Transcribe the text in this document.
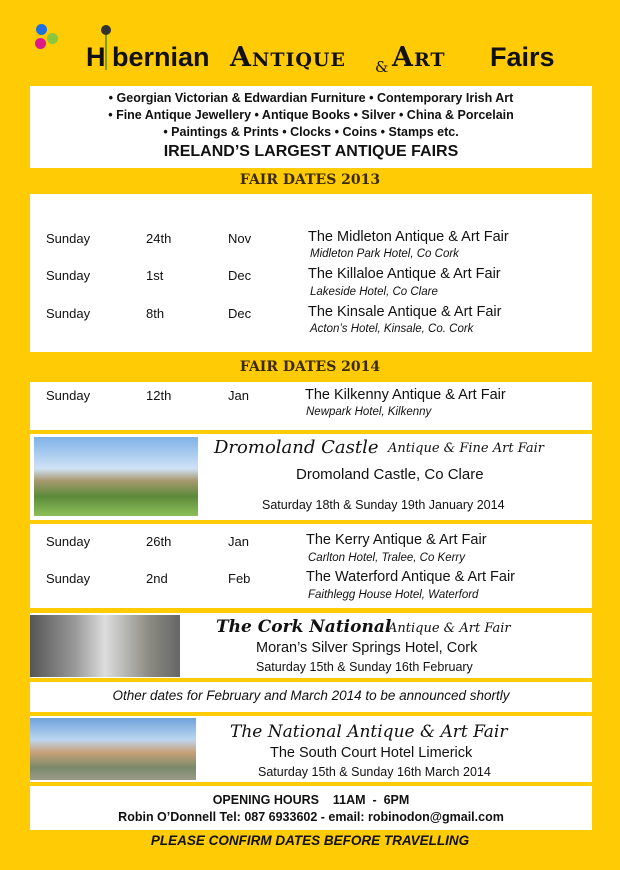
H bernian Antique & Art Fairs
• Georgian Victorian & Edwardian Furniture • Contemporary Irish Art
• Fine Antique Jewellery • Antique Books • Silver • China & Porcelain
• Paintings & Prints • Clocks • Coins • Stamps etc.
IRELAND’S LARGEST ANTIQUE FAIRS
FAIR DATES 2013
Sunday	24th	Nov	The Midleton Antique & Art Fair
Midleton Park Hotel, Co Cork
Sunday	1st	Dec	The Killaloe Antique & Art Fair
Lakeside Hotel, Co Clare
Sunday	8th	Dec	The Kinsale Antique & Art Fair
Acton’s Hotel, Kinsale, Co. Cork
FAIR DATES 2014
Sunday	12th	Jan	The Kilkenny Antique & Art Fair
Newpark Hotel, Kilkenny
Dromoland Castle Antique & Fine Art Fair
Dromoland Castle, Co Clare
Saturday 18th & Sunday 19th January 2014
Sunday	26th	Jan	The Kerry Antique & Art Fair
Carlton Hotel, Tralee, Co Kerry
Sunday	2nd	Feb	The Waterford Antique & Art Fair
Faithlegg House Hotel, Waterford
The Cork National
Antique & Art Fair
Moran’s Silver Springs Hotel, Cork
Saturday 15th & Sunday 16th February
Other dates for February and March 2014 to be announced shortly
The National Antique & Art Fair
The South Court Hotel Limerick
Saturday 15th & Sunday 16th March 2014
OPENING HOURS    11AM  -  6PM
Robin O’Donnell Tel: 087 6933602 - email: robinodon@gmail.com
PLEASE CONFIRM DATES BEFORE TRAVELLING
